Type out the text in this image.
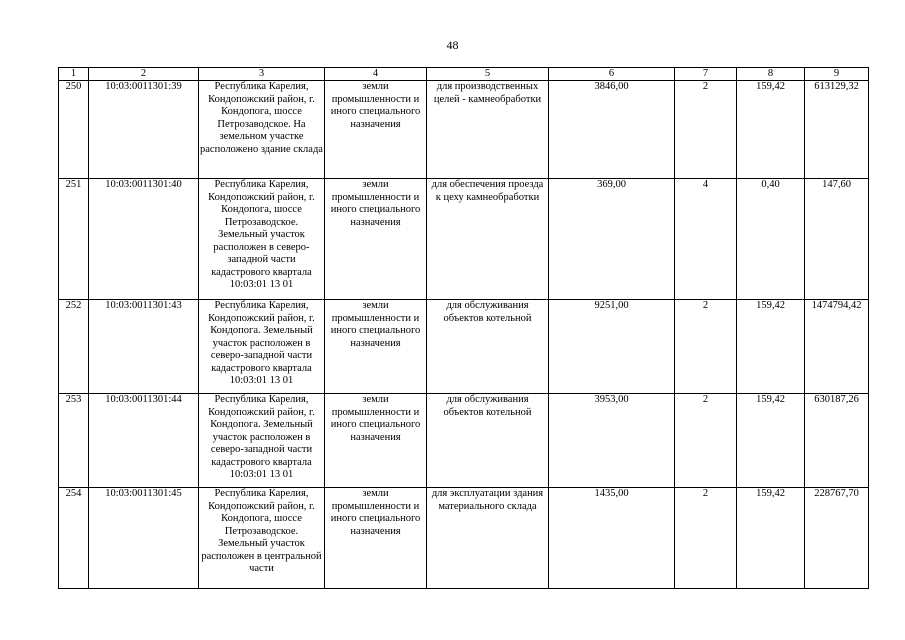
48
1	2	3	4	5	6	7	8	9
250	10:03:0011301:39	Республика Карелия, Кондопожский район, г. Кондопога, шоссе Петрозаводское. На земельном участке расположено здание склада	земли промышленности и иного специального назначения	для производственных целей - камнеобработки	3846,00	2	159,42	613129,32
251	10:03:0011301:40	Республика Карелия, Кондопожский район, г. Кондопога, шоссе Петрозаводское. Земельный участок расположен в северо-западной части кадастрового квартала 10:03:01 13 01	земли промышленности и иного специального назначения	для обеспечения проезда к цеху камнеобработки	369,00	4	0,40	147,60
252	10:03:0011301:43	Республика Карелия, Кондопожский район, г. Кондопога. Земельный участок расположен в северо-западной части кадастрового квартала 10:03:01 13 01	земли промышленности и иного специального назначения	для обслуживания объектов котельной	9251,00	2	159,42	1474794,42
253	10:03:0011301:44	Республика Карелия, Кондопожский район, г. Кондопога. Земельный участок расположен в северо-западной части кадастрового квартала 10:03:01 13 01	земли промышленности и иного специального назначения	для обслуживания объектов котельной	3953,00	2	159,42	630187,26
254	10:03:0011301:45	Республика Карелия, Кондопожский район, г. Кондопога, шоссе Петрозаводское. Земельный участок расположен в центральной части	земли промышленности и иного специального назначения	для эксплуатации здания материального склада	1435,00	2	159,42	228767,70
